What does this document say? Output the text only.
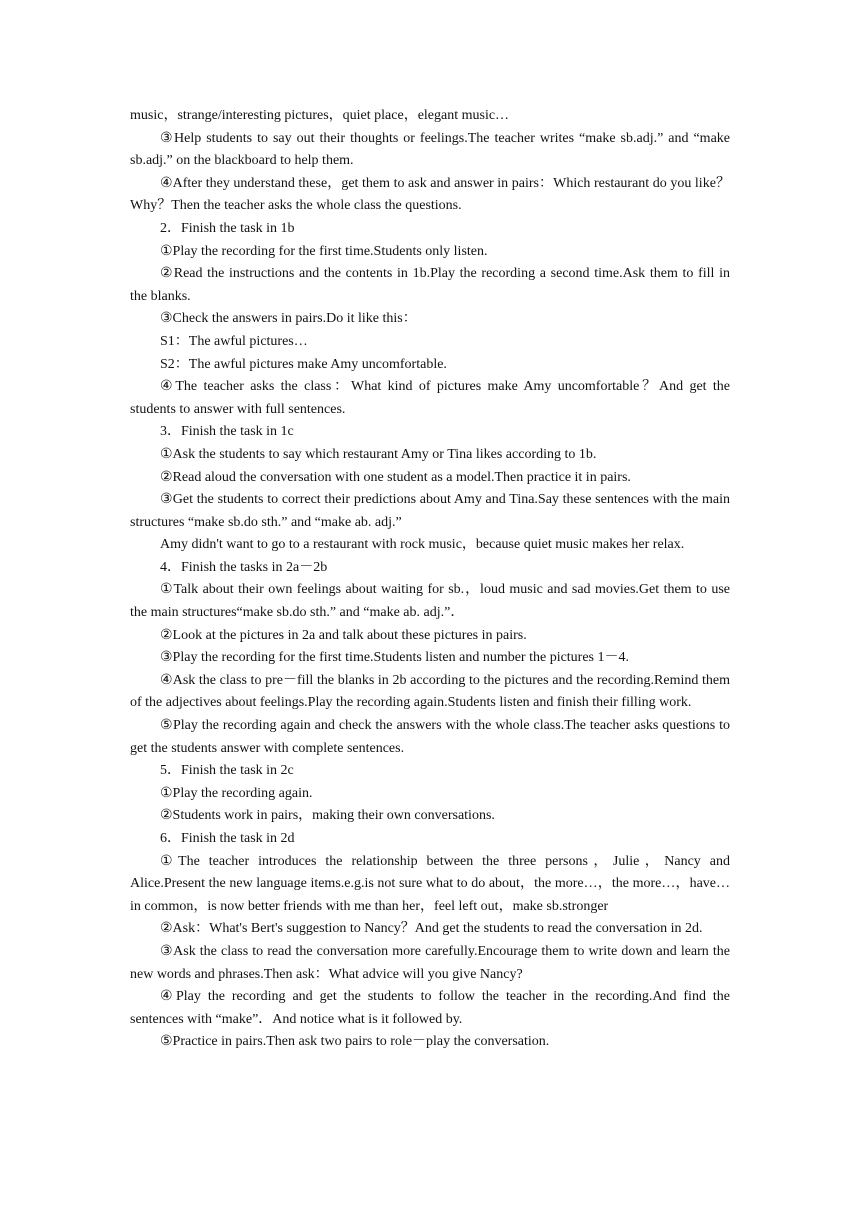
music，strange/interesting pictures，quiet place，elegant music…

③Help students to say out their thoughts or feelings.The teacher writes “make sb.adj.” and “make sb.adj.” on the blackboard to help them.

④After they understand these，get them to ask and answer in pairs：Which restaurant do you like？Why？Then the teacher asks the whole class the questions.

2．Finish the task in 1b

①Play the recording for the first time.Students only listen.

②Read the instructions and the contents in 1b.Play the recording a second time.Ask them to fill in the blanks.

③Check the answers in pairs.Do it like this：

S1：The awful pictures…

S2：The awful pictures make Amy uncomfortable.

④The teacher asks the class：What kind of pictures make Amy uncomfortable？And get the students to answer with full sentences.

3．Finish the task in 1c

①Ask the students to say which restaurant Amy or Tina likes according to 1b.

②Read aloud the conversation with one student as a model.Then practice it in pairs.

③Get the students to correct their predictions about Amy and Tina.Say these sentences with the main structures “make sb.do sth.” and “make ab. adj.”

Amy didn't want to go to a restaurant with rock music，because quiet music makes her relax.

4．Finish the tasks in 2a－2b

①Talk about their own feelings about waiting for sb.，loud music and sad movies.Get them to use the main structures“make sb.do sth.” and “make ab. adj.”．

②Look at the pictures in 2a and talk about these pictures in pairs.

③Play the recording for the first time.Students listen and number the pictures 1－4.

④Ask the class to pre－fill the blanks in 2b according to the pictures and the recording.Remind them of the adjectives about feelings.Play the recording again.Students listen and finish their filling work.

⑤Play the recording again and check the answers with the whole class.The teacher asks questions to get the students answer with complete sentences.

5．Finish the task in 2c

①Play the recording again.

②Students work in pairs，making their own conversations.

6．Finish the task in 2d

①The teacher introduces the relationship between the three persons，Julie，Nancy and Alice.Present the new language items.e.g.is not sure what to do about，the more…，the more…，have…in common，is now better friends with me than her，feel left out，make sb.stronger

②Ask：What's Bert's suggestion to Nancy？And get the students to read the conversation in 2d.

③Ask the class to read the conversation more carefully.Encourage them to write down and learn the new words and phrases.Then ask：What advice will you give Nancy?

④Play the recording and get the students to follow the teacher in the recording.And find the sentences with “make”．And notice what is it followed by.

⑤Practice in pairs.Then ask two pairs to role－play the conversation.
